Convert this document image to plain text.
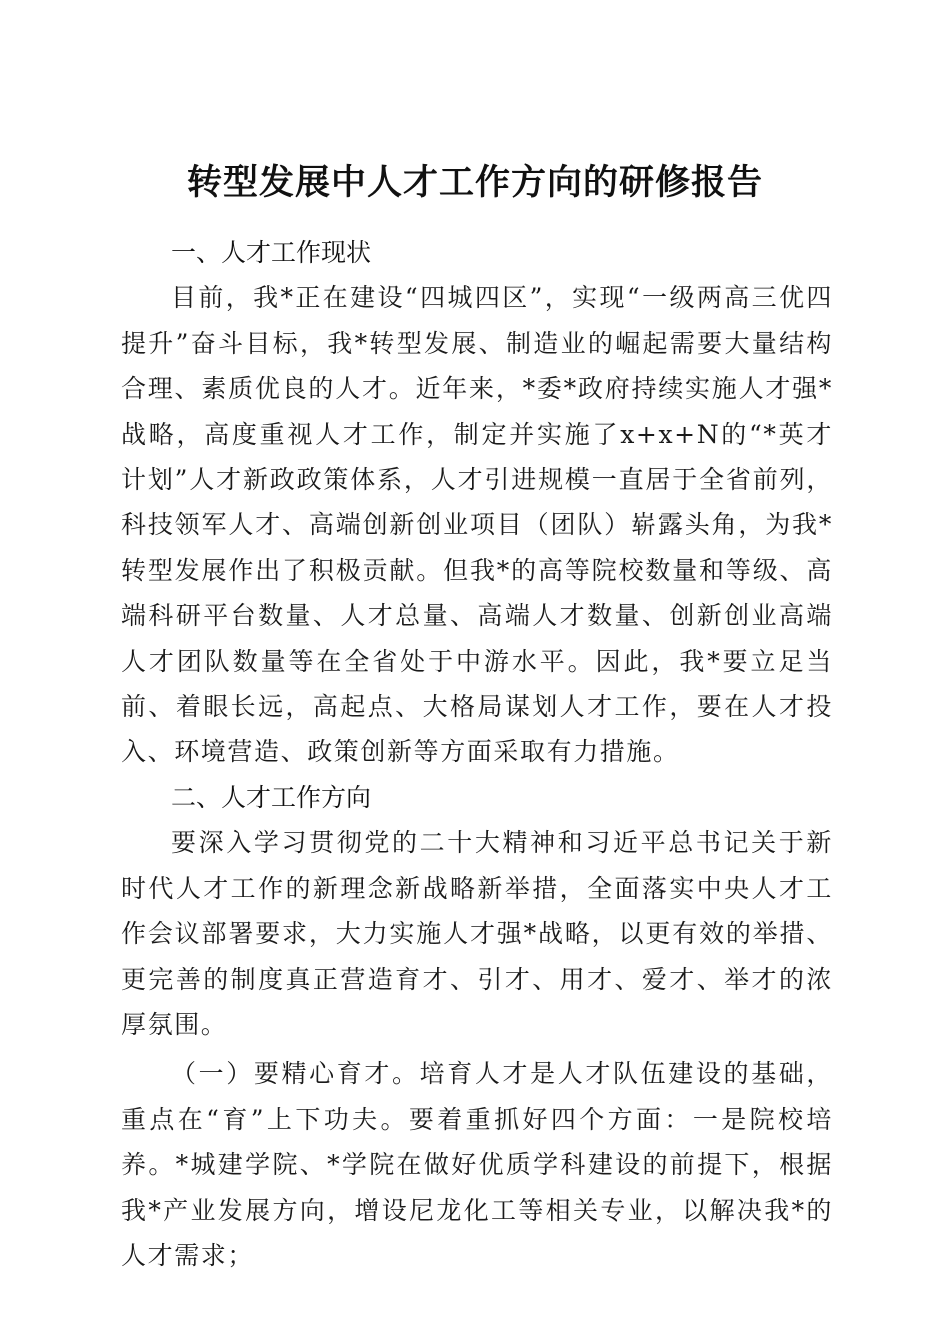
转型发展中人才工作方向的研修报告
一、人才工作现状

目前，我*正在建设“四城四区”，实现“一级两高三优四提升”奋斗目标，我*转型发展、制造业的崛起需要大量结构合理、素质优良的人才。近年来，*委*政府持续实施人才强*战略，高度重视人才工作，制定并实施了x+x+N的“*英才计划”人才新政政策体系，人才引进规模一直居于全省前列，科技领军人才、高端创新创业项目（团队）崭露头角，为我*转型发展作出了积极贡献。但我*的高等院校数量和等级、高端科研平台数量、人才总量、高端人才数量、创新创业高端人才团队数量等在全省处于中游水平。因此，我*要立足当前、着眼长远，高起点、大格局谋划人才工作，要在人才投入、环境营造、政策创新等方面采取有力措施。

二、人才工作方向

要深入学习贯彻党的二十大精神和习近平总书记关于新时代人才工作的新理念新战略新举措，全面落实中央人才工作会议部署要求，大力实施人才强*战略，以更有效的举措、更完善的制度真正营造育才、引才、用才、爱才、举才的浓厚氛围。

（一）要精心育才。培育人才是人才队伍建设的基础，重点在“育”上下功夫。要着重抓好四个方面：一是院校培养。*城建学院、*学院在做好优质学科建设的前提下，根据我*产业发展方向，增设尼龙化工等相关专业，以解决我*的人才需求；
